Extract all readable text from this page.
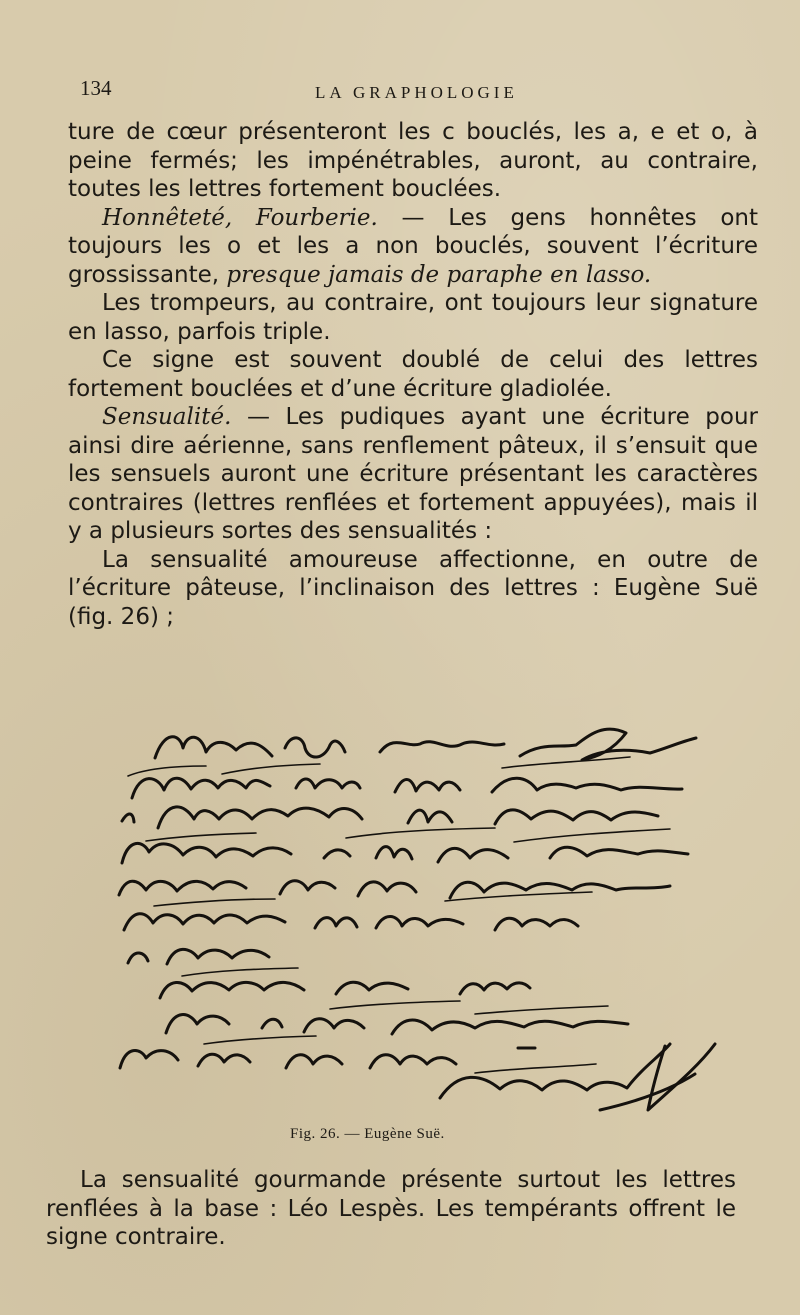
134	LA GRAPHOLOGIE

ture de cœur présenteront les c bouclés, les a, e et o, à peine fermés; les impénétrables, auront, au contraire, toutes les lettres fortement bouclées.

Honnêteté, Fourberie. — Les gens honnêtes ont toujours les o et les a non bouclés, souvent l’écriture grossissante, presque jamais de paraphe en lasso.

Les trompeurs, au contraire, ont toujours leur signature en lasso, parfois triple.

Ce signe est souvent doublé de celui des lettres fortement bouclées et d’une écriture gladiolée.

Sensualité. — Les pudiques ayant une écriture pour ainsi dire aérienne, sans renflement pâteux, il s’ensuit que les sensuels auront une écriture présentant les caractères contraires (lettres renflées et fortement appuyées), mais il y a plusieurs sortes des sensualités :

La sensualité amoureuse affectionne, en outre de l’écriture pâteuse, l’inclinaison des lettres : Eugène Suë (fig. 26) ;

Fig. 26. — Eugène Suë.

La sensualité gourmande présente surtout les lettres renflées à la base : Léo Lespès. Les tempérants offrent le signe contraire.
